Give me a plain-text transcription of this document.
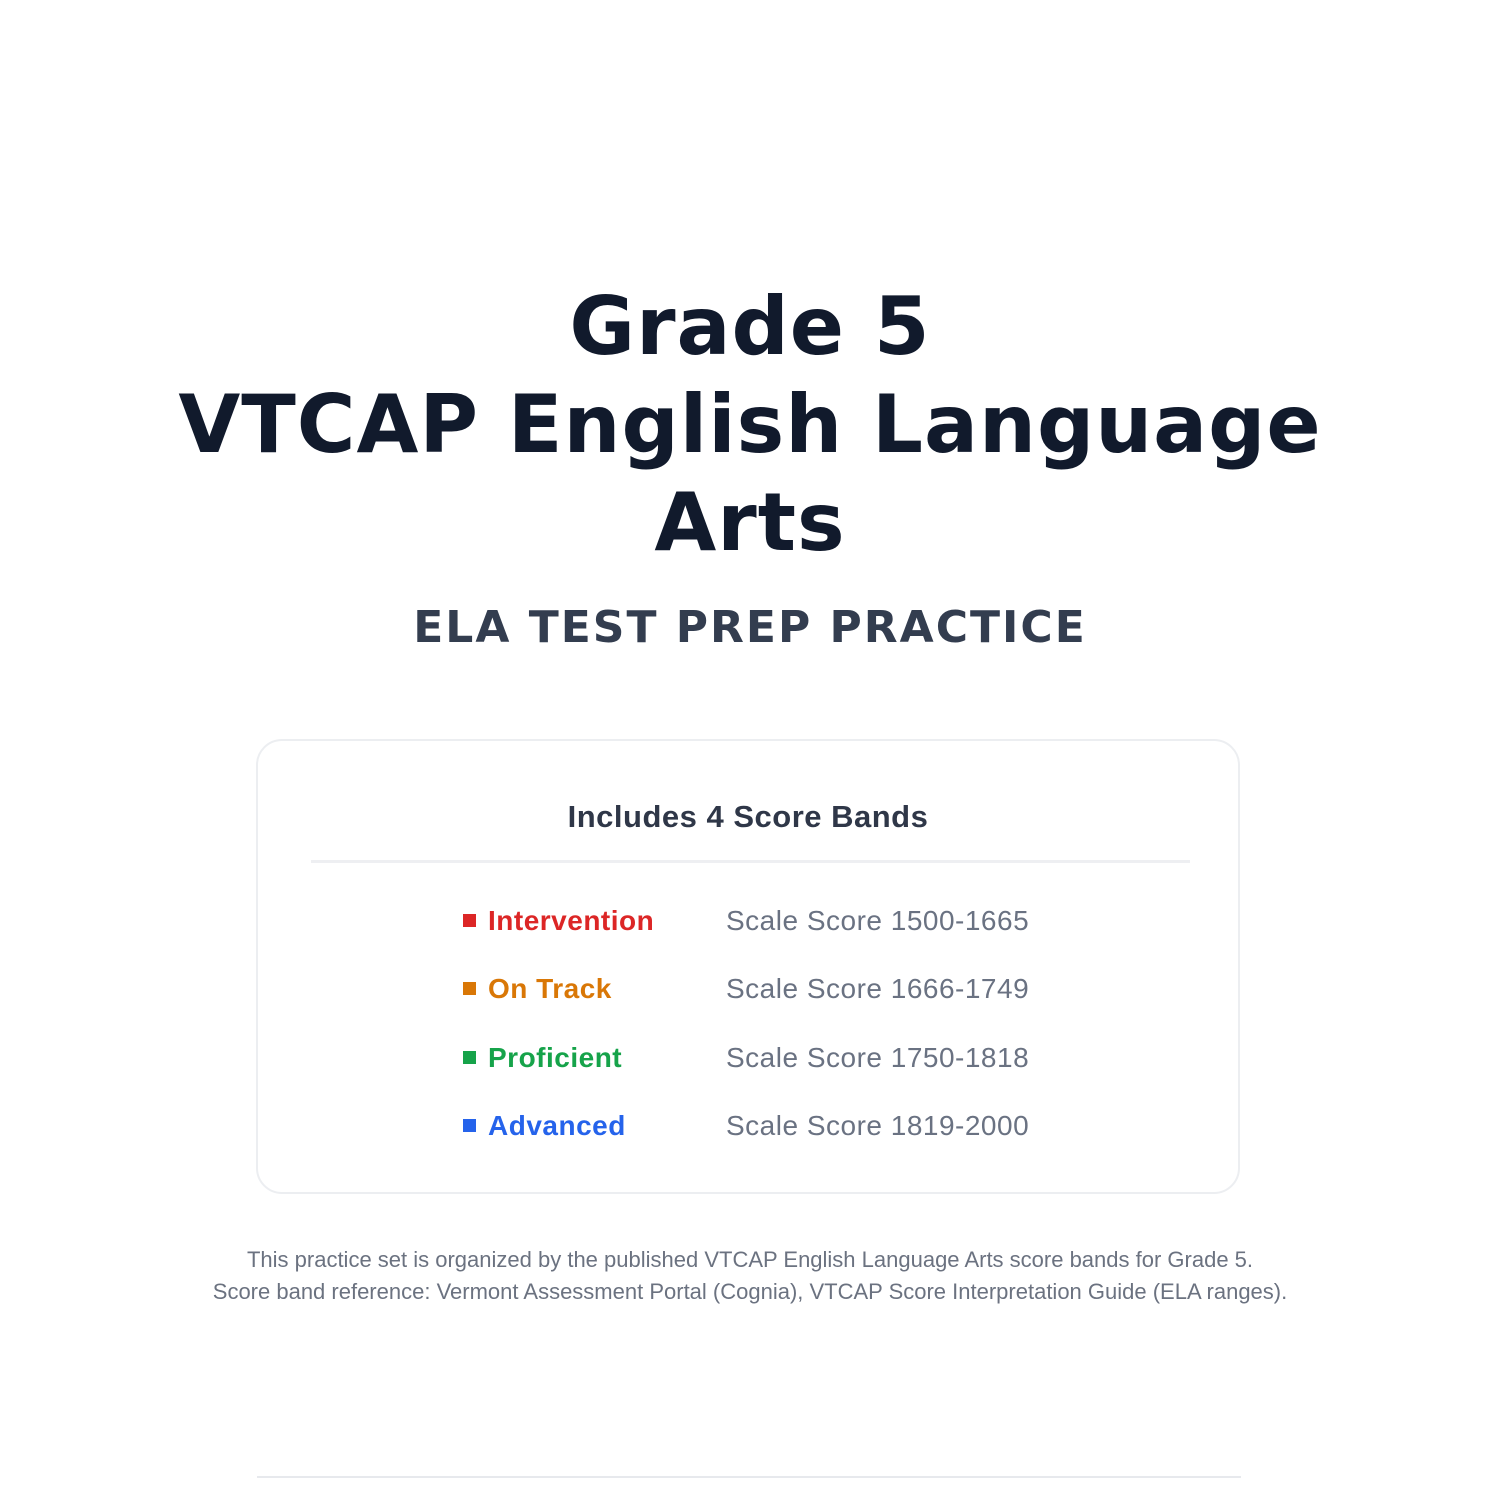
Grade 5
VTCAP English Language
Arts
ELA TEST PREP PRACTICE
Includes 4 Score Bands
Intervention	Scale Score 1500-1665
On Track	Scale Score 1666-1749
Proficient	Scale Score 1750-1818
Advanced	Scale Score 1819-2000

This practice set is organized by the published VTCAP English Language Arts score bands for Grade 5.

Score band reference: Vermont Assessment Portal (Cognia), VTCAP Score Interpretation Guide (ELA ranges).
